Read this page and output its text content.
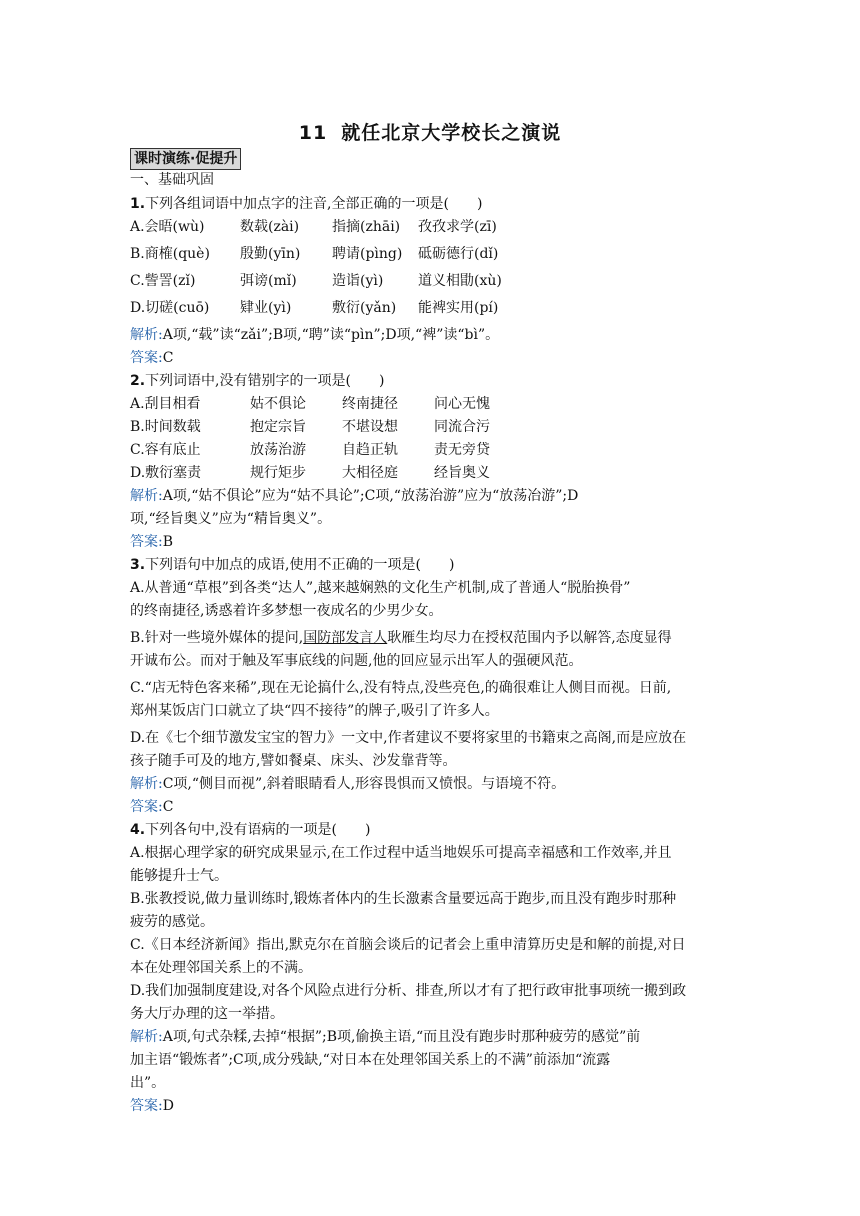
11 就任北京大学校长之演说
课时演练·促提升
一、基础巩固
1.下列各组词语中加点字的注音,全部正确的一项是(　　)
A.会晤(wù)	数载(zài) 指摘(zhāi) 孜孜求学(zī)
B.商榷(què) 殷勤(yīn) 聘请(pìng) 砥砺德行(dǐ)
C.訾詈(zǐ)	弭谤(mǐ)	造诣(yì) 道义相勖(xù)
D.切磋(cuō) 肄业(yì)	敷衍(yǎn) 能裨实用(pí)
解析:A项,“载”读“zǎi”;B项,“聘”读“pìn”;D项,“裨”读“bì”。
答案:C
2.下列词语中,没有错别字的一项是(　　)
A.刮目相看	姑不俱论	终南捷径	问心无愧
B.时间数载	抱定宗旨	不堪设想	同流合污
C.容有底止	放荡治游	自趋正轨	责无旁贷
D.敷衍塞责	规行矩步	大相径庭	经旨奥义
解析:A项,“姑不俱论”应为“姑不具论”;C项,“放荡治游”应为“放荡冶游”;D
项,“经旨奥义”应为“精旨奥义”。
答案:B
3.下列语句中加点的成语,使用不正确的一项是(　　)
A.从普通“草根”到各类“达人”,越来越娴熟的文化生产机制,成了普通人“脱胎换骨”
的终南捷径,诱惑着许多梦想一夜成名的少男少女。
B.针对一些境外媒体的提问,国防部发言人耿雁生均尽力在授权范围内予以解答,态度显得
开诚布公。而对于触及军事底线的问题,他的回应显示出军人的强硬风范。
C.“店无特色客来稀”,现在无论搞什么,没有特点,没些亮色,的确很难让人侧目而视。日前,
郑州某饭店门口就立了块“四不接待”的牌子,吸引了许多人。
D.在《七个细节激发宝宝的智力》一文中,作者建议不要将家里的书籍束之高阁,而是应放在
孩子随手可及的地方,譬如餐桌、床头、沙发靠背等。
解析:C项,“侧目而视”,斜着眼睛看人,形容畏惧而又愤恨。与语境不符。
答案:C
4.下列各句中,没有语病的一项是(　　)
A.根据心理学家的研究成果显示,在工作过程中适当地娱乐可提高幸福感和工作效率,并且
能够提升士气。
B.张教授说,做力量训练时,锻炼者体内的生长激素含量要远高于跑步,而且没有跑步时那种
疲劳的感觉。
C.《日本经济新闻》指出,默克尔在首脑会谈后的记者会上重申清算历史是和解的前提,对日
本在处理邻国关系上的不满。
D.我们加强制度建设,对各个风险点进行分析、排查,所以才有了把行政审批事项统一搬到政
务大厅办理的这一举措。
解析:A项,句式杂糅,去掉“根据”;B项,偷换主语,“而且没有跑步时那种疲劳的感觉”前
加主语“锻炼者”;C项,成分残缺,“对日本在处理邻国关系上的不满”前添加“流露
出”。
答案:D
